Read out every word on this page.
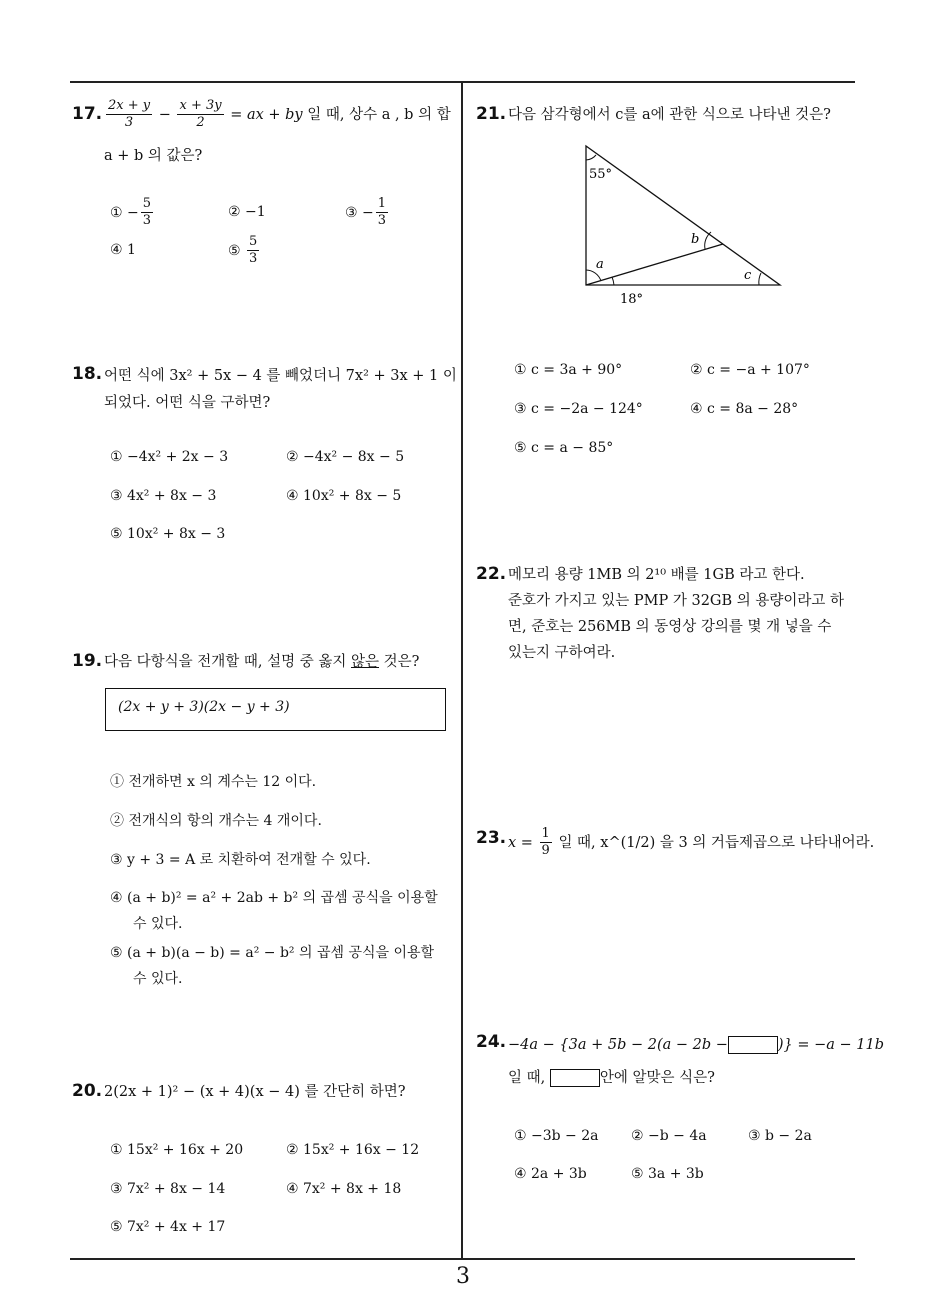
17. $\frac{2x + y}{3} - \frac{x + 3y}{2}$ = ax + by 일 때, 상수 a , b 의 합
a + b 의 값은?
① − $\frac{5}{3}$	② −1	③ − $\frac{1}{3}$
④ 1	⑤ $\frac{5}{3}$
18. 어떤 식에 3x² + 5x − 4 를 빼었더니 7x² + 3x + 1 이
되었다. 어떤 식을 구하면?
① −4x² + 2x − 3	② −4x² − 8x − 5
③ 4x² + 8x − 3	④ 10x² + 8x − 5
⑤ 10x² + 8x − 3
19. 다음 다항식을 전개할 때, 설명 중 옳지 않은 것은?
(2x + y + 3)(2x − y + 3)
① 전개하면 x 의 계수는 12 이다.
② 전개식의 항의 개수는 4 개이다.
③ y + 3 = A 로 치환하여 전개할 수 있다.
④ (a + b)² = a² + 2ab + b² 의 곱셈 공식을 이용할
수 있다.
⑤ (a + b)(a − b) = a² − b² 의 곱셈 공식을 이용할
수 있다.
20. 2(2x + 1)² − (x + 4)(x − 4) 를 간단히 하면?
① 15x² + 16x + 20	② 15x² + 16x − 12
③ 7x² + 8x − 14	④ 7x² + 8x + 18
⑤ 7x² + 4x + 17
21. 다음 삼각형에서 c를 a에 관한 식으로 나타낸 것은?
55°
b
a
c
18°
① c = 3a + 90°	② c = −a + 107°
③ c = −2a − 124°	④ c = 8a − 28°
⑤ c = a − 85°
22. 메모리 용량 1MB 의 2¹⁰ 배를 1GB 라고 한다.
준호가 가지고 있는 PMP 가 32GB 의 용량이라고 하
면, 준호는 256MB 의 동영상 강의를 몇 개 넣을 수
있는지 구하여라.
23. $x = \frac{1}{9}$ 일 때, x^(1/2) 을 3 의 거듭제곱으로 나타내어라.
24. −4a − {3a + 5b − 2(a − 2b −	)} = −a − 11b
일 때,	안에 알맞은 식은?
① −3b − 2a ② −b − 4a	③ b − 2a
④ 2a + 3b	⑤ 3a + 3b
3
